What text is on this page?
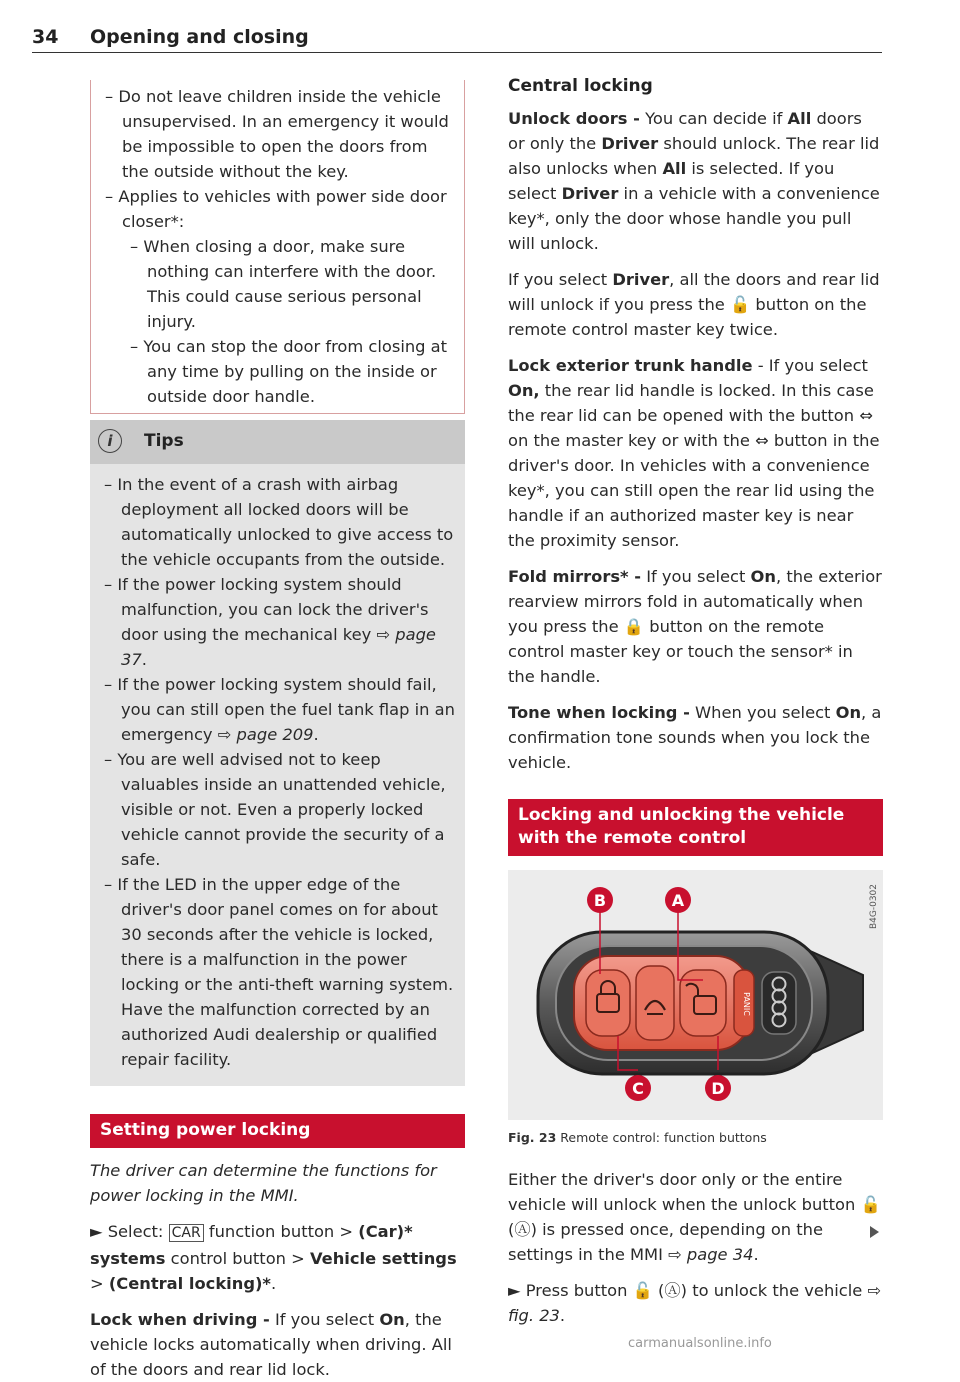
34 Opening and closing

– Do not leave children inside the vehicle unsupervised. In an emergency it would be impossible to open the doors from the outside without the key.

– Applies to vehicles with power side door closer*:

– When closing a door, make sure nothing can interfere with the door. This could cause serious personal injury.

– You can stop the door from closing at any time by pulling on the inside or outside door handle.

i	Tips

– In the event of a crash with airbag deployment all locked doors will be automatically unlocked to give access to the vehicle occupants from the outside.

– If the power locking system should malfunction, you can lock the driver's door using the mechanical key ⇨ page 37.

– If the power locking system should fail, you can still open the fuel tank flap in an emergency ⇨ page 209.

– You are well advised not to keep valuables inside an unattended vehicle, visible or not. Even a properly locked vehicle cannot provide the security of a safe.

– If the LED in the upper edge of the driver's door panel comes on for about 30 seconds after the vehicle is locked, there is a malfunction in the power locking or the anti-theft warning system. Have the malfunction corrected by an authorized Audi dealership or qualified repair facility.

Setting power locking

The driver can determine the functions for power locking in the MMI.

► Select: CAR function button > (Car)* systems control button > Vehicle settings > (Central locking)*.

Lock when driving - If you select On, the vehicle locks automatically when driving. All of the doors and rear lid lock.

Central locking

Unlock doors - You can decide if All doors or only the Driver should unlock. The rear lid also unlocks when All is selected. If you select Driver in a vehicle with a convenience key*, only the door whose handle you pull will unlock.

If you select Driver, all the doors and rear lid will unlock if you press the 🔓 button on the remote control master key twice.

Lock exterior trunk handle - If you select On, the rear lid handle is locked. In this case the rear lid can be opened with the button ⇔ on the master key or with the ⇔ button in the driver's door. In vehicles with a convenience key*, you can still open the rear lid using the handle if an authorized master key is near the proximity sensor.

Fold mirrors* - If you select On, the exterior rearview mirrors fold in automatically when you press the 🔒 button on the remote control master key or touch the sensor* in the handle.

Tone when locking - When you select On, a confirmation tone sounds when you lock the vehicle.

Locking and unlocking the vehicle with the remote control
PANIC
B	A
C	D
B4G-0302
Fig. 23 Remote control: function buttons

Either the driver's door only or the entire vehicle will unlock when the unlock button 🔓 (Ⓐ) is pressed once, depending on the settings in the MMI ⇨ page 34.

► Press button 🔓 (Ⓐ) to unlock the vehicle ⇨ fig. 23.

carmanualsonline.info
